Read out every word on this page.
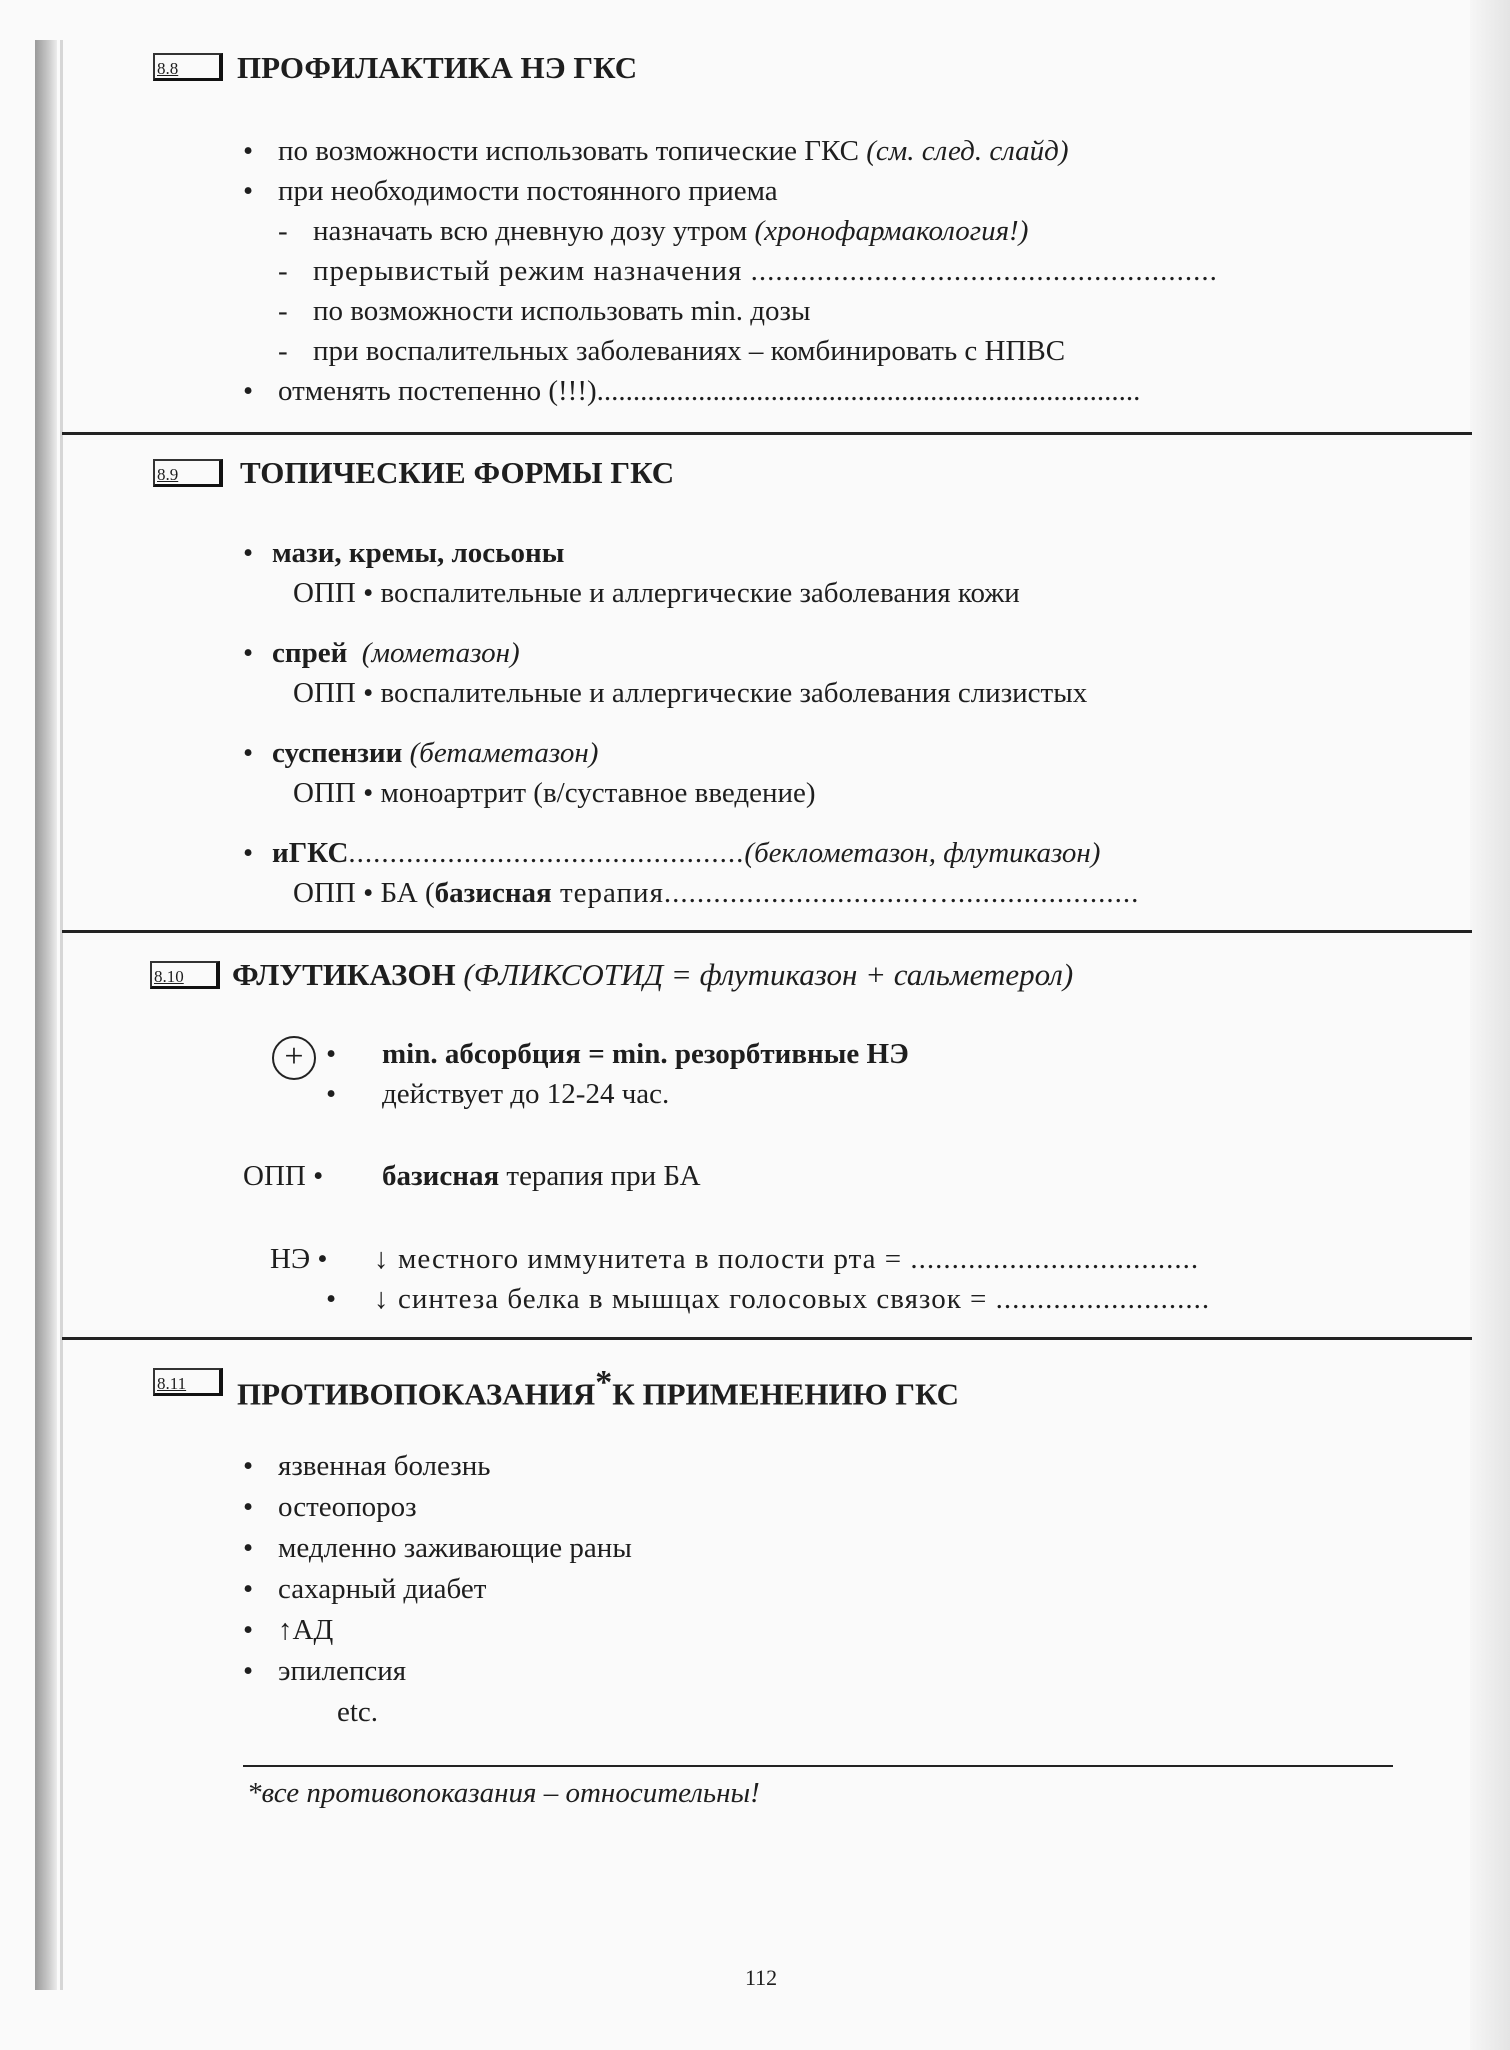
8.8	ПРОФИЛАКТИКА НЭ ГКС
• по возможности использовать топические ГКС (см. след. слайд)
• при необходимости постоянного приема
- назначать всю дневную дозу утром (хронофармакология!)
- прерывистый режим назначения ..................…...................................
- по возможности использовать min. дозы
- при воспалительных заболеваниях – комбинировать с НПВС
• отменять постепенно (!!!)...........................................................................
8.9	ТОПИЧЕСКИЕ ФОРМЫ ГКС
• мази, кремы, лосьоны
ОПП • воспалительные и аллергические заболевания кожи
• спрей (мометазон)
ОПП • воспалительные и аллергические заболевания слизистых
• суспензии (бетаметазон)
ОПП • моноартрит (в/суставное введение)
• иГКС................................................(беклометазон, флутиказон)
ОПП • БА (базисная терапия...............................….......................
8.10	ФЛУТИКАЗОН (ФЛИКСОТИД = флутиказон + сальметерол)
+ • min. абсорбция = min. резорбтивные НЭ
• действует до 12-24 час.
ОПП • базисная терапия при БА
НЭ • ↓ местного иммунитета в полости рта = ...................................
• ↓ синтеза белка в мышцах голосовых связок = ..........................
8.11	ПРОТИВОПОКАЗАНИЯ*К ПРИМЕНЕНИЮ ГКС
• язвенная болезнь
• остеопороз
• медленно заживающие раны
• сахарный диабет
• ↑АД
• эпилепсия
etc.
*все противопоказания – относительны!
112
